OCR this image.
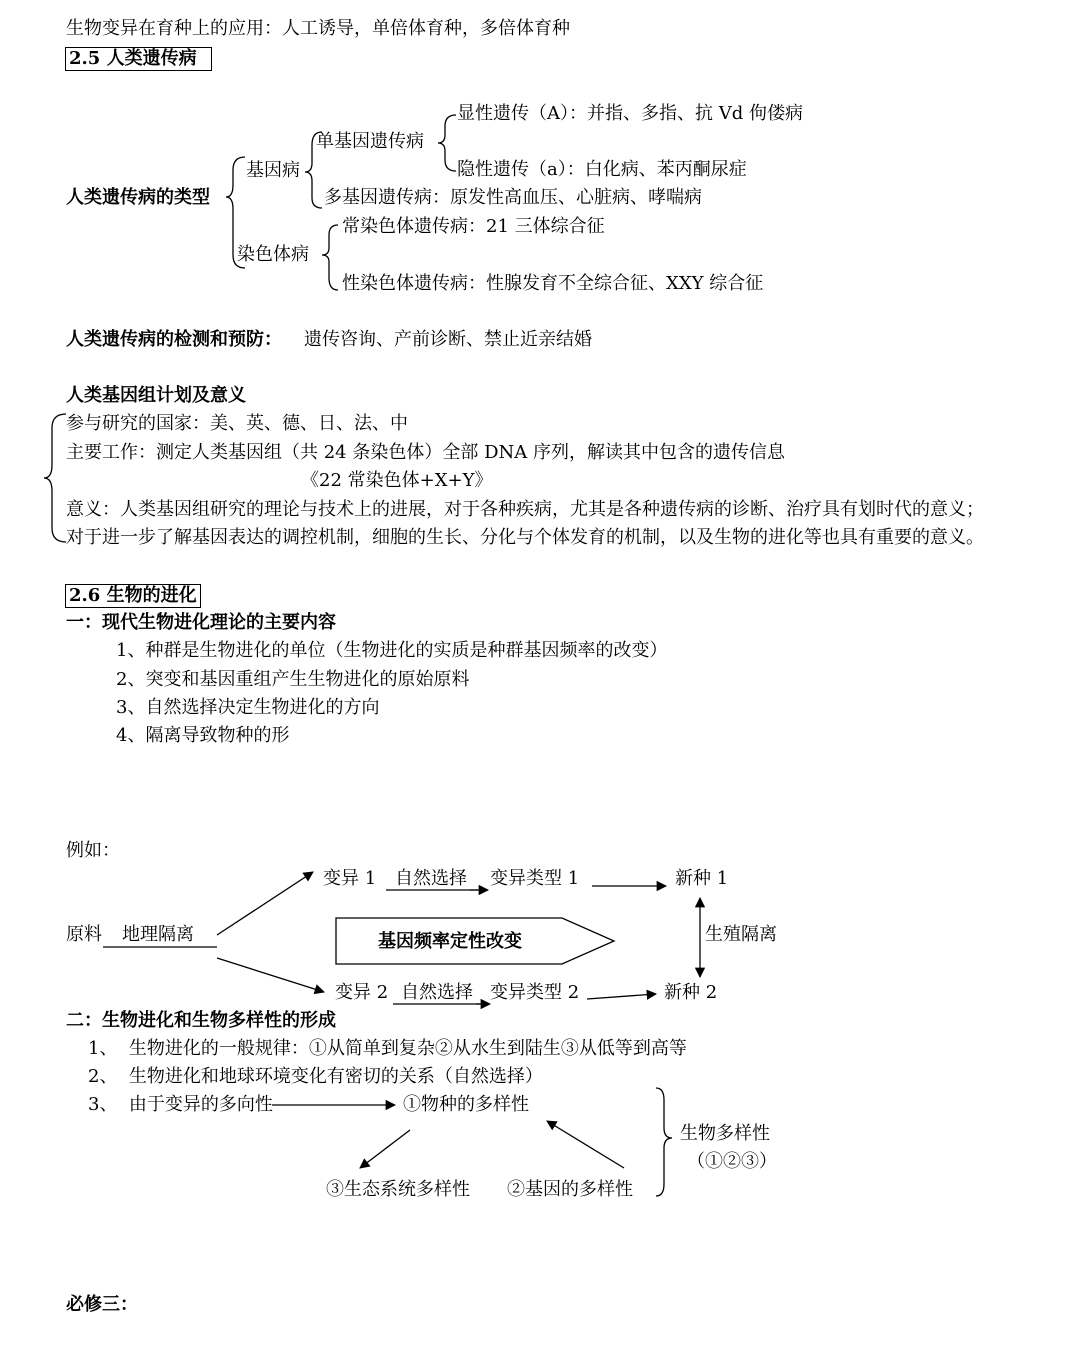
生物变异在育种上的应用：人工诱导，单倍体育种，多倍体育种
2.5 人类遗传病
人类遗传病的类型
基因病
单基因遗传病
显性遗传（A）：并指、多指、抗 Vd 佝偻病
隐性遗传（a）：白化病、苯丙酮尿症
多基因遗传病：原发性高血压、心脏病、哮喘病
染色体病
常染色体遗传病：21 三体综合征
性染色体遗传病：性腺发育不全综合征、XXY 综合征
人类遗传病的检测和预防： 遗传咨询、产前诊断、禁止近亲结婚
人类基因组计划及意义
参与研究的国家：美、英、德、日、法、中
主要工作：测定人类基因组（共 24 条染色体）全部 DNA 序列，解读其中包含的遗传信息
《22 常染色体+X+Y》
意义：人类基因组研究的理论与技术上的进展，对于各种疾病，尤其是各种遗传病的诊断、治疗具有划时代的意义；
对于进一步了解基因表达的调控机制，细胞的生长、分化与个体发育的机制，以及生物的进化等也具有重要的意义。
2.6 生物的进化
一：现代生物进化理论的主要内容
1、种群是生物进化的单位（生物进化的实质是种群基因频率的改变）
2、突变和基因重组产生生物进化的原始原料
3、自然选择决定生物进化的方向
4、隔离导致物种的形
例如：
原料 地理隔离
变异 1 自然选择 变异类型 1	新种 1
基因频率定性改变	生殖隔离
变异 2 自然选择 变异类型 2	新种 2
二：生物进化和生物多样性的形成
1、  生物进化的一般规律：①从简单到复杂②从水生到陆生③从低等到高等
2、  生物进化和地球环境变化有密切的关系（自然选择）
3、  由于变异的多向性	①物种的多样性
③生态系统多样性 ②基因的多样性
生物多样性
（①②③）
必修三：
